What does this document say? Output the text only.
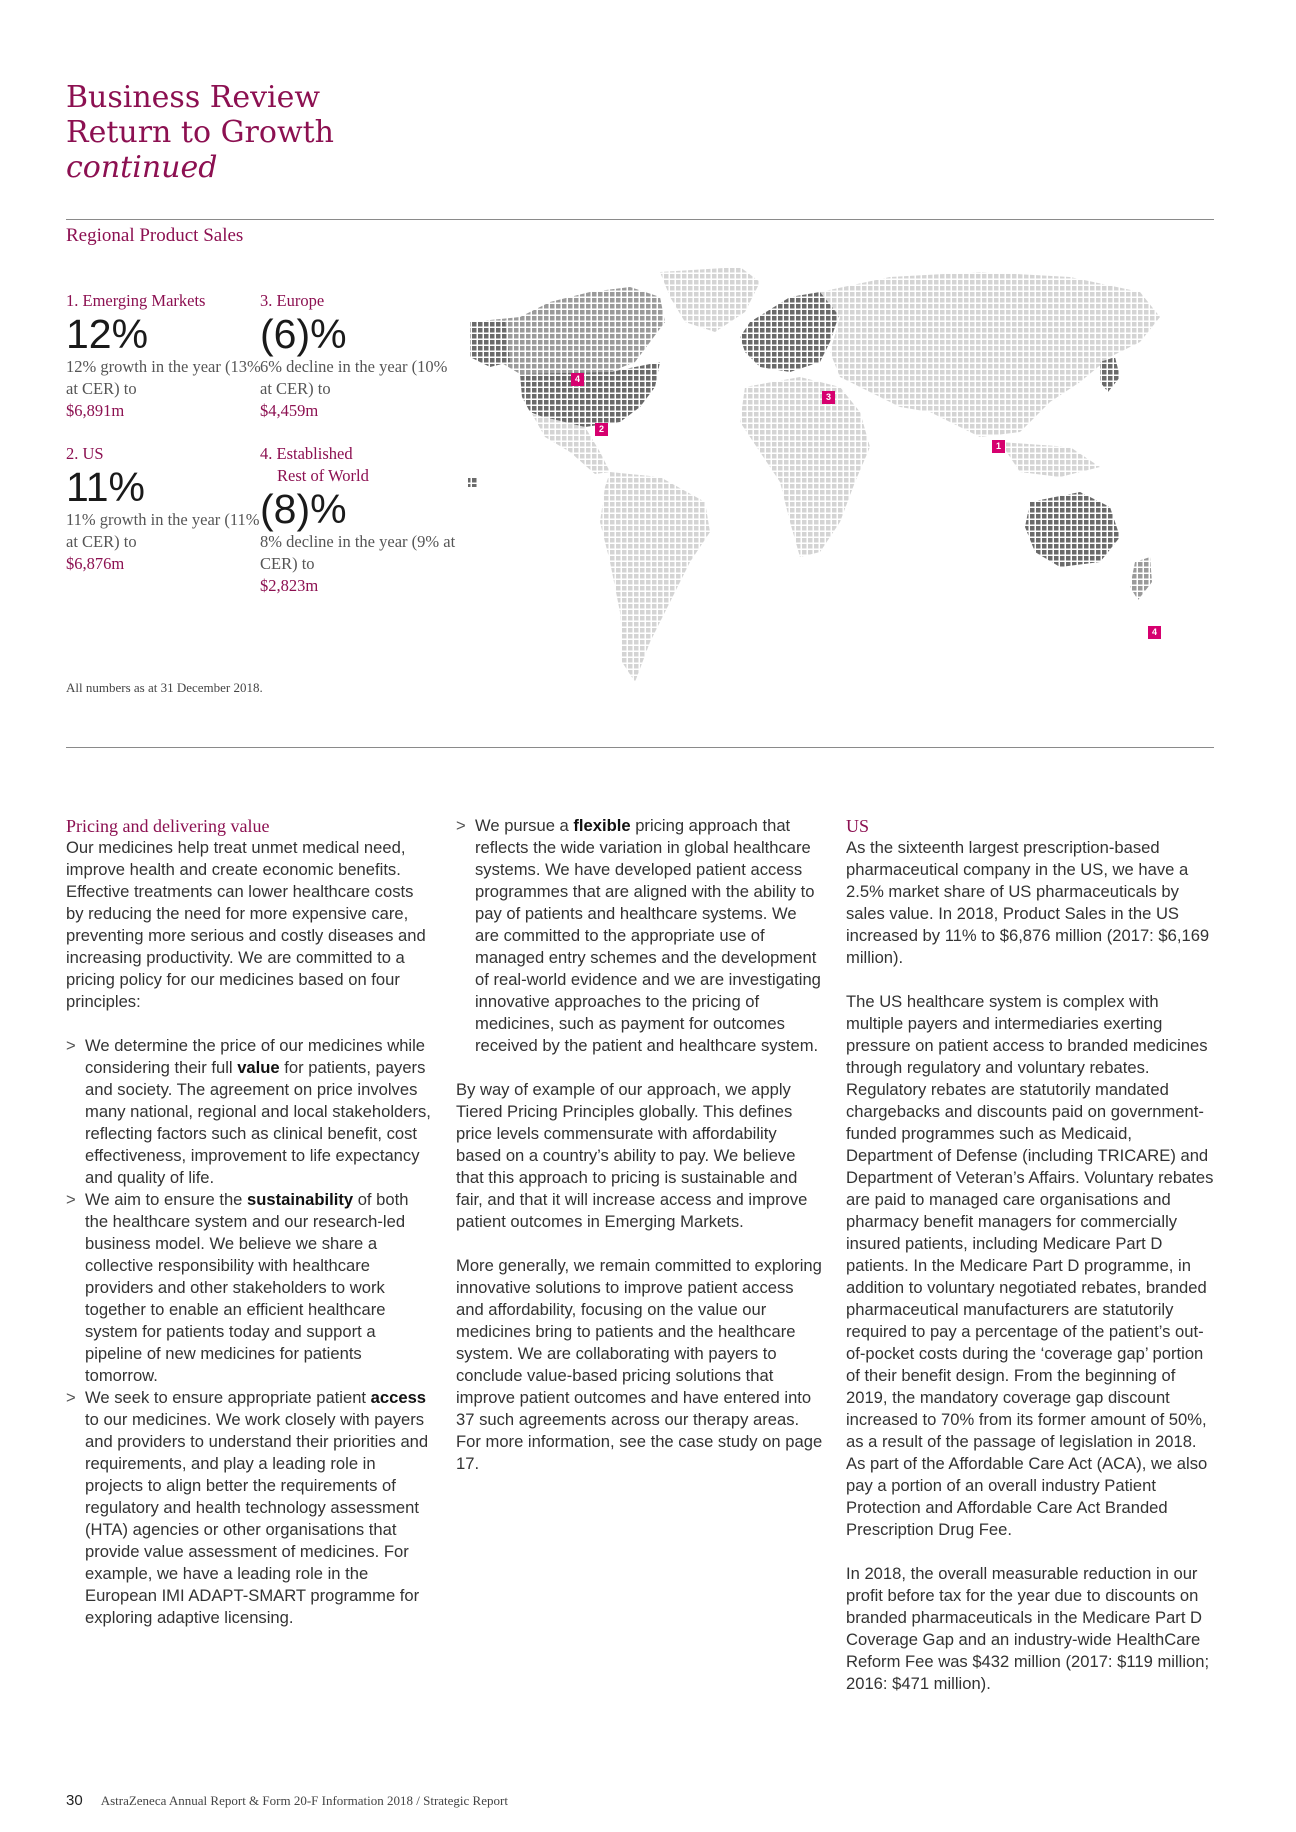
Business Review
Return to Growth
continued
Regional Product Sales
1. Emerging Markets
12%
12% growth in the year (13% at CER) to
$6,891m
2. US
11%
11% growth in the year (11% at CER) to
$6,876m
3. Europe
(6)%
6% decline in the year (10% at CER) to
$4,459m
4. Established
Rest of World
(8)%
8% decline in the year (9% at CER) to
$2,823m
All numbers as at 31 December 2018.
4
2
3
1
4
Pricing and delivering value

Our medicines help treat unmet medical need, improve health and create economic benefits. Effective treatments can lower healthcare costs by reducing the need for more expensive care, preventing more serious and costly diseases and increasing productivity. We are committed to a pricing policy for our medicines based on four principles:

> We determine the price of our medicines while considering their full value for patients, payers and society. The agreement on price involves many national, regional and local stakeholders, reflecting factors such as clinical benefit, cost effectiveness, improvement to life expectancy and quality of life.
> We aim to ensure the sustainability of both the healthcare system and our research-led business model. We believe we share a collective responsibility with healthcare providers and other stakeholders to work together to enable an efficient healthcare system for patients today and support a pipeline of new medicines for patients tomorrow.
> We seek to ensure appropriate patient access to our medicines. We work closely with payers and providers to understand their priorities and requirements, and play a leading role in projects to align better the requirements of regulatory and health technology assessment (HTA) agencies or other organisations that provide value assessment of medicines. For example, we have a leading role in the European IMI ADAPT-SMART programme for exploring adaptive licensing.
> We pursue a flexible pricing approach that reflects the wide variation in global healthcare systems. We have developed patient access programmes that are aligned with the ability to pay of patients and healthcare systems. We are committed to the appropriate use of managed entry schemes and the development of real-world evidence and we are investigating innovative approaches to the pricing of medicines, such as payment for outcomes received by the patient and healthcare system.

By way of example of our approach, we apply Tiered Pricing Principles globally. This defines price levels commensurate with affordability based on a country’s ability to pay. We believe that this approach to pricing is sustainable and fair, and that it will increase access and improve patient outcomes in Emerging Markets.

More generally, we remain committed to exploring innovative solutions to improve patient access and affordability, focusing on the value our medicines bring to patients and the healthcare system. We are collaborating with payers to conclude value-based pricing solutions that improve patient outcomes and have entered into 37 such agreements across our therapy areas. For more information, see the case study on page 17.

US

As the sixteenth largest prescription-based pharmaceutical company in the US, we have a 2.5% market share of US pharmaceuticals by sales value. In 2018, Product Sales in the US increased by 11% to $6,876 million (2017: $6,169 million).

The US healthcare system is complex with multiple payers and intermediaries exerting pressure on patient access to branded medicines through regulatory and voluntary rebates. Regulatory rebates are statutorily mandated chargebacks and discounts paid on government-funded programmes such as Medicaid, Department of Defense (including TRICARE) and Department of Veteran’s Affairs. Voluntary rebates are paid to managed care organisations and pharmacy benefit managers for commercially insured patients, including Medicare Part D patients. In the Medicare Part D programme, in addition to voluntary negotiated rebates, branded pharmaceutical manufacturers are statutorily required to pay a percentage of the patient’s out-of-pocket costs during the ‘coverage gap’ portion of their benefit design. From the beginning of 2019, the mandatory coverage gap discount increased to 70% from its former amount of 50%, as a result of the passage of legislation in 2018. As part of the Affordable Care Act (ACA), we also pay a portion of an overall industry Patient Protection and Affordable Care Act Branded Prescription Drug Fee.

In 2018, the overall measurable reduction in our profit before tax for the year due to discounts on branded pharmaceuticals in the Medicare Part D Coverage Gap and an industry-wide HealthCare Reform Fee was $432 million (2017: $119 million; 2016: $471 million).

30 AstraZeneca Annual Report & Form 20-F Information 2018 / Strategic Report
